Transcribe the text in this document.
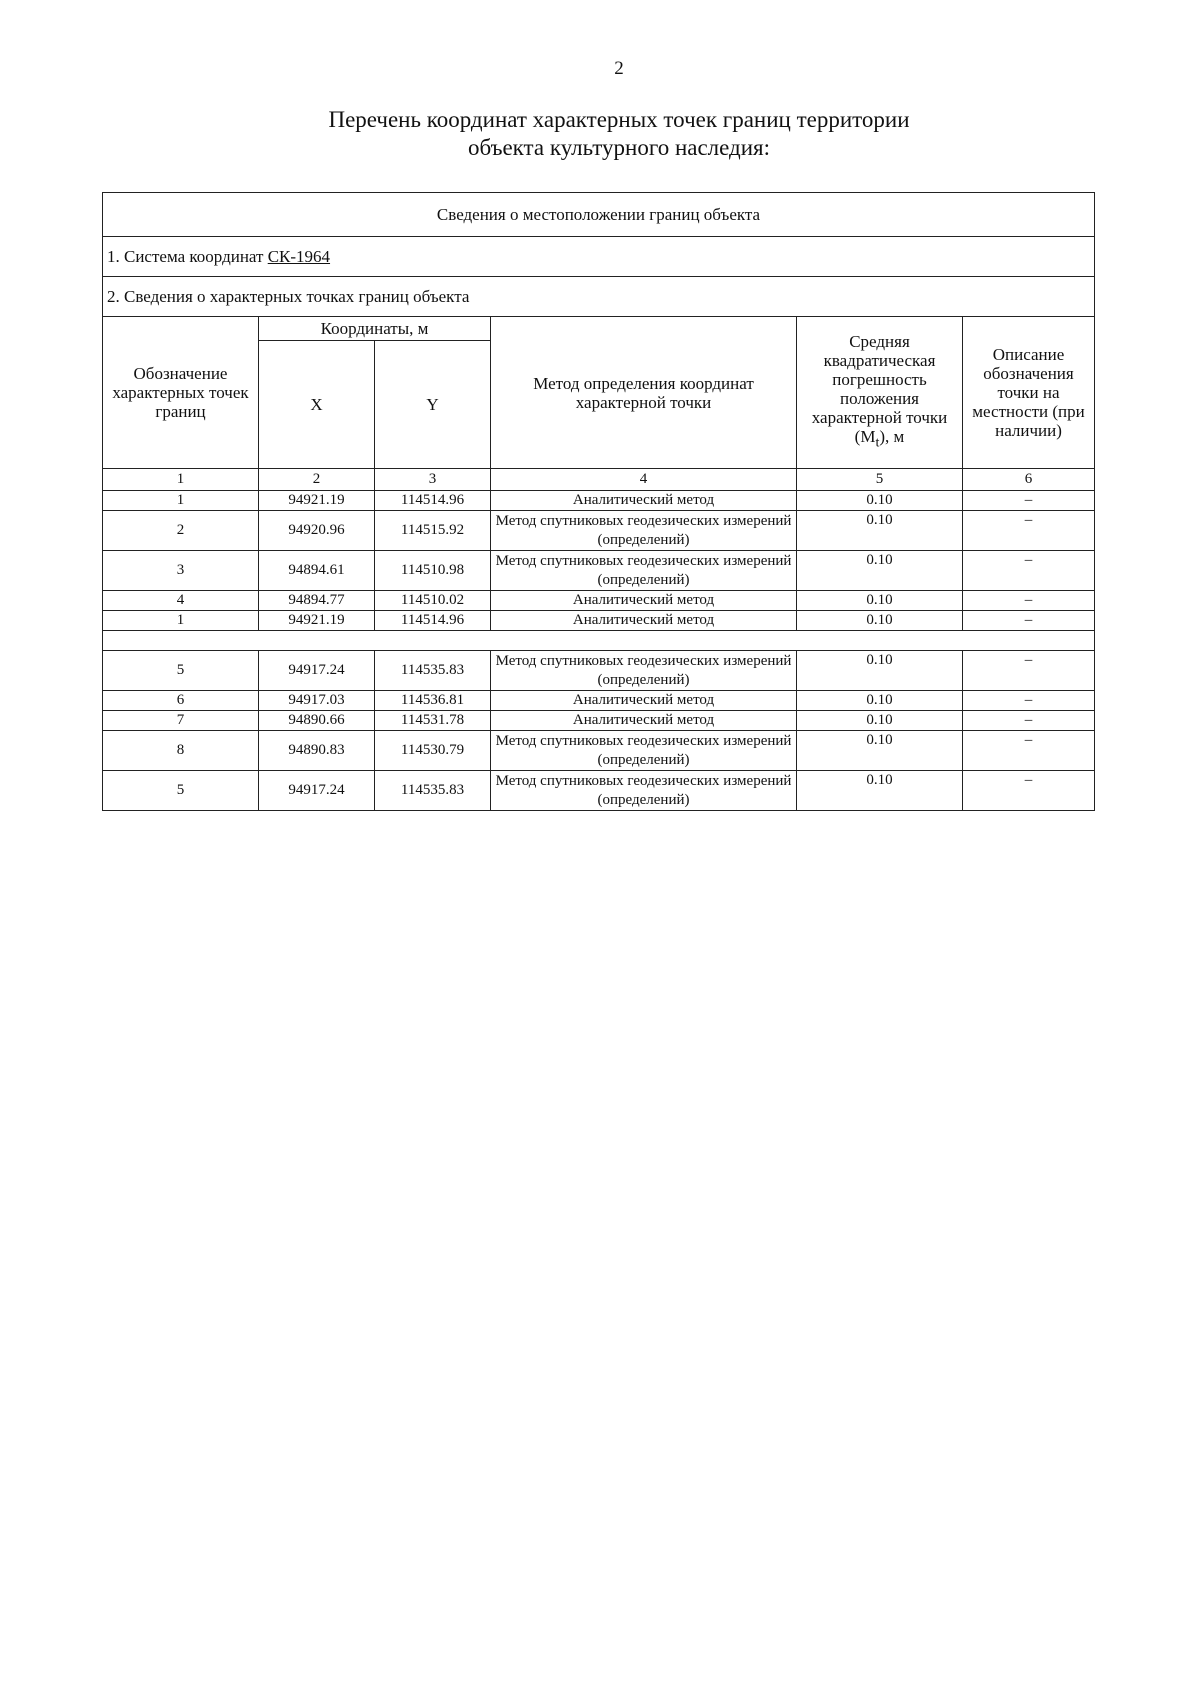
2
Перечень координат характерных точек границ территории
объекта культурного наследия:
Сведения о местоположении границ объекта					
1. Система координат СК-1964					
2. Сведения о характерных точках границ объекта					
Обозначение характерных точек границ	Координаты, м		Метод определения координат характерной точки	Средняя квадратическая погрешность положения характерной точки $(M_t)$, м	Описание обозначения точки на местности (при наличии)
	X	Y			
1	2	3	4	5	6
1	94921.19	114514.96	Аналитический метод	0.10	–
2	94920.96	114515.92	Метод спутниковых геодезических измерений (определений)	0.10	–
3	94894.61	114510.98	Метод спутниковых геодезических измерений (определений)	0.10	–
4	94894.77	114510.02	Аналитический метод	0.10	–
1	94921.19	114514.96	Аналитический метод	0.10	–

5	94917.24	114535.83	Метод спутниковых геодезических измерений (определений)	0.10	–
6	94917.03	114536.81	Аналитический метод	0.10	–
7	94890.66	114531.78	Аналитический метод	0.10	–
8	94890.83	114530.79	Метод спутниковых геодезических измерений (определений)	0.10	–
5	94917.24	114535.83	Метод спутниковых геодезических измерений (определений)	0.10	–
